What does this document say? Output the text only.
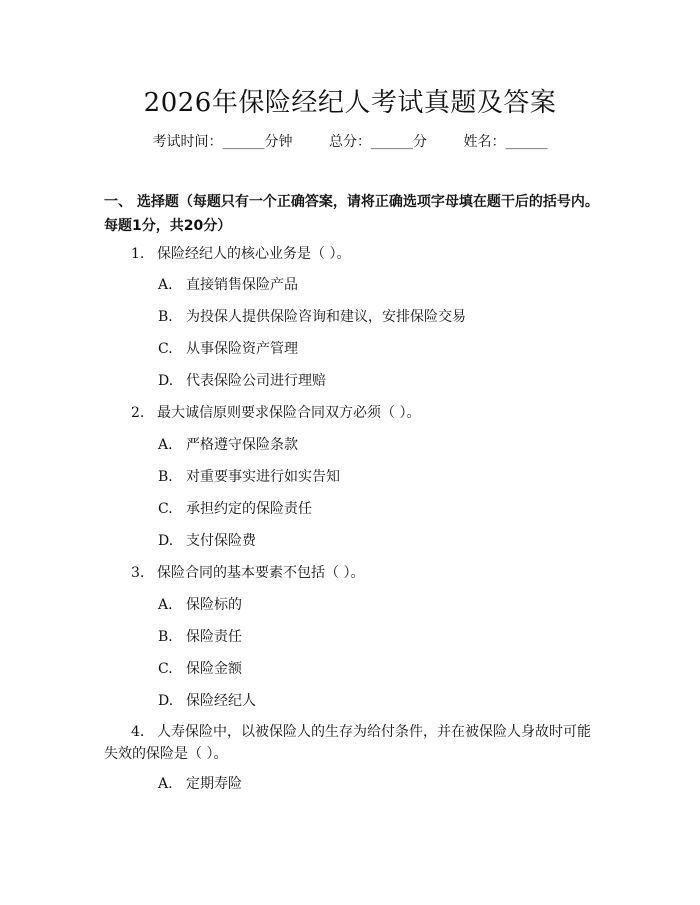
2026年保险经纪人考试真题及答案
考试时间：______分钟	总分：______分	姓名：______
一、 选择题（每题只有一个正确答案，请将正确选项字母填在题干后的括号内。每题1分，共20分）
1. 保险经纪人的核心业务是（ ）。
A. 直接销售保险产品
B. 为投保人提供保险咨询和建议，安排保险交易
C. 从事保险资产管理
D. 代表保险公司进行理赔
2. 最大诚信原则要求保险合同双方必须（ ）。
A. 严格遵守保险条款
B. 对重要事实进行如实告知
C. 承担约定的保险责任
D. 支付保险费
3. 保险合同的基本要素不包括（ ）。
A. 保险标的
B. 保险责任
C. 保险金额
D. 保险经纪人
4. 人寿保险中，以被保险人的生存为给付条件，并在被保险人身故时可能失效的保险是（ ）。
A. 定期寿险
